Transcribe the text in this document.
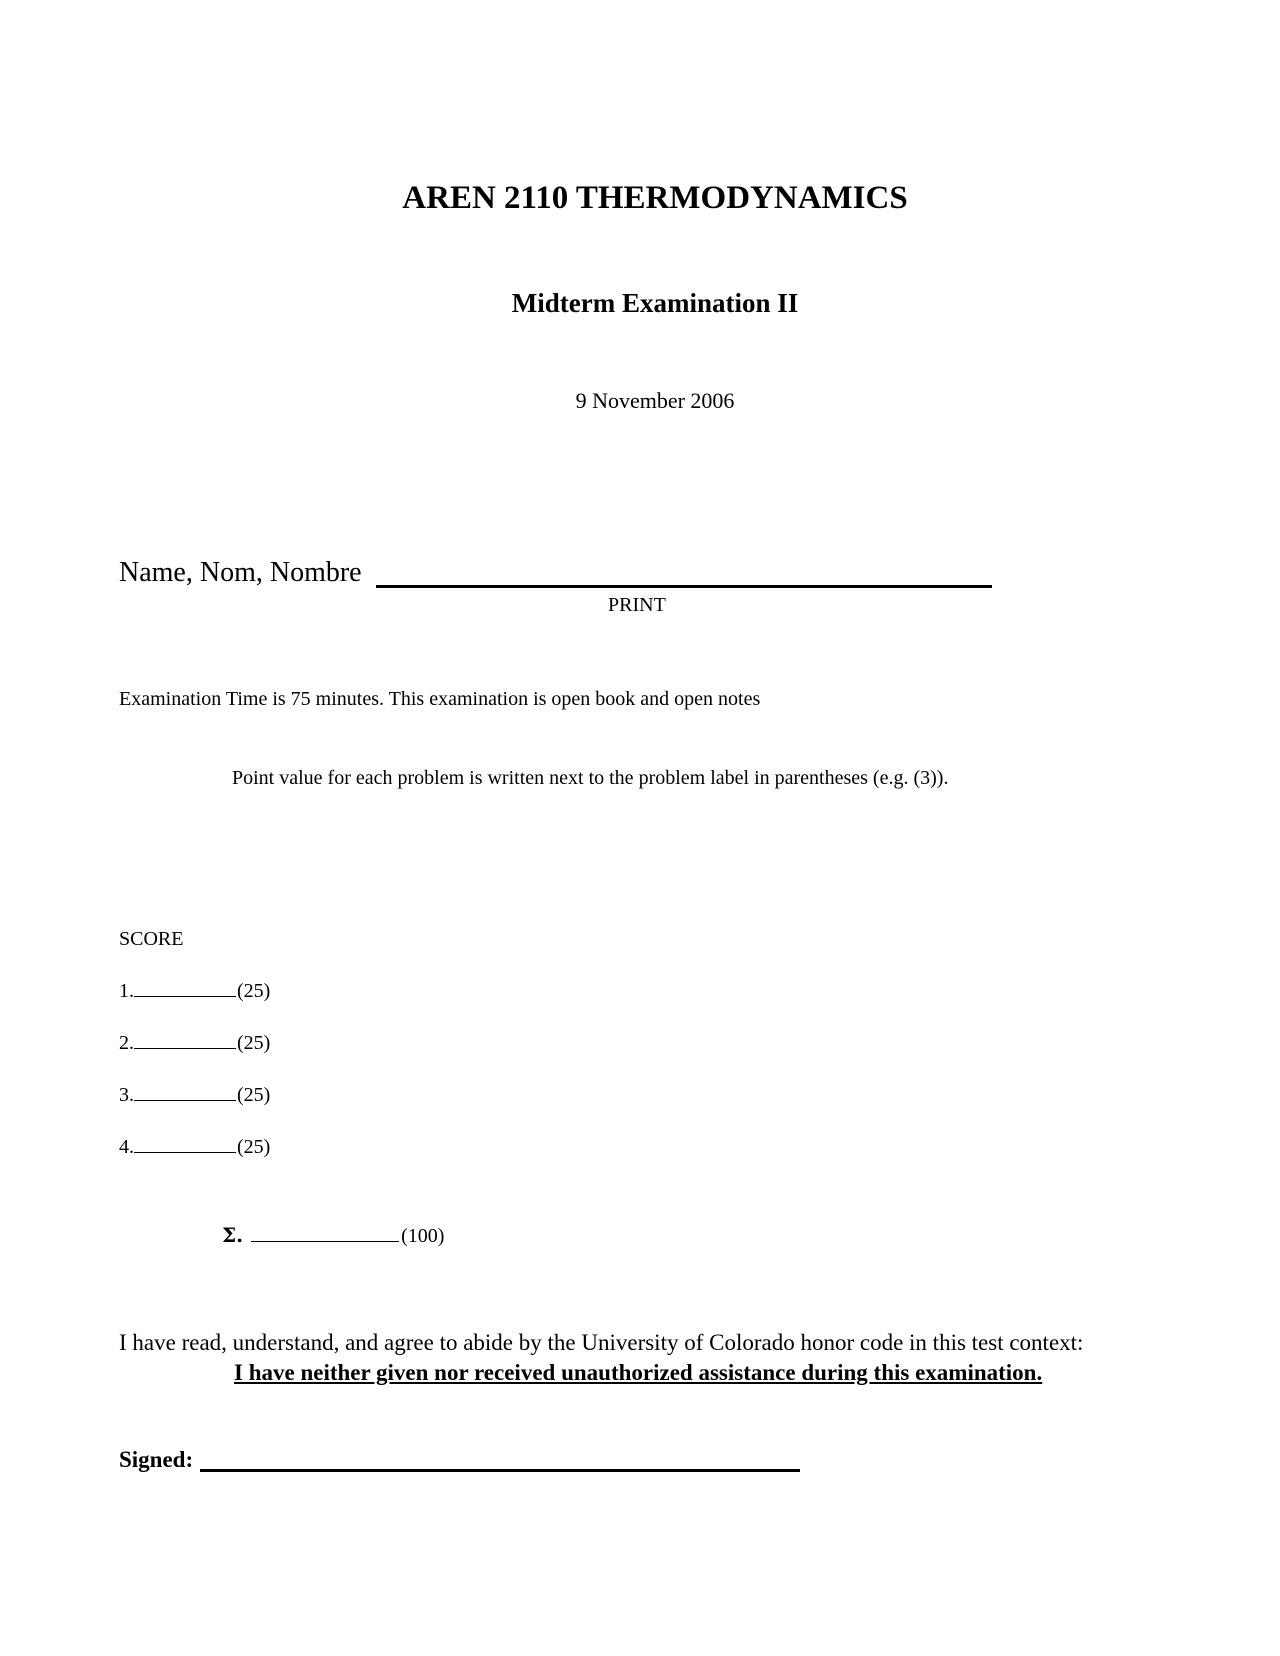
AREN 2110 THERMODYNAMICS
Midterm Examination II
9 November 2006
Name, Nom, Nombre
PRINT
Examination Time is 75 minutes. This examination is open book and open notes
Point value for each problem is written next to the problem label in parentheses (e.g. (3)).
SCORE
1.	(25)
2.	(25)
3.	(25)
4.	(25)
Σ.	(100)
I have read, understand, and agree to abide by the University of Colorado honor code in this test context:
I have neither given nor received unauthorized assistance during this examination.
Signed:
